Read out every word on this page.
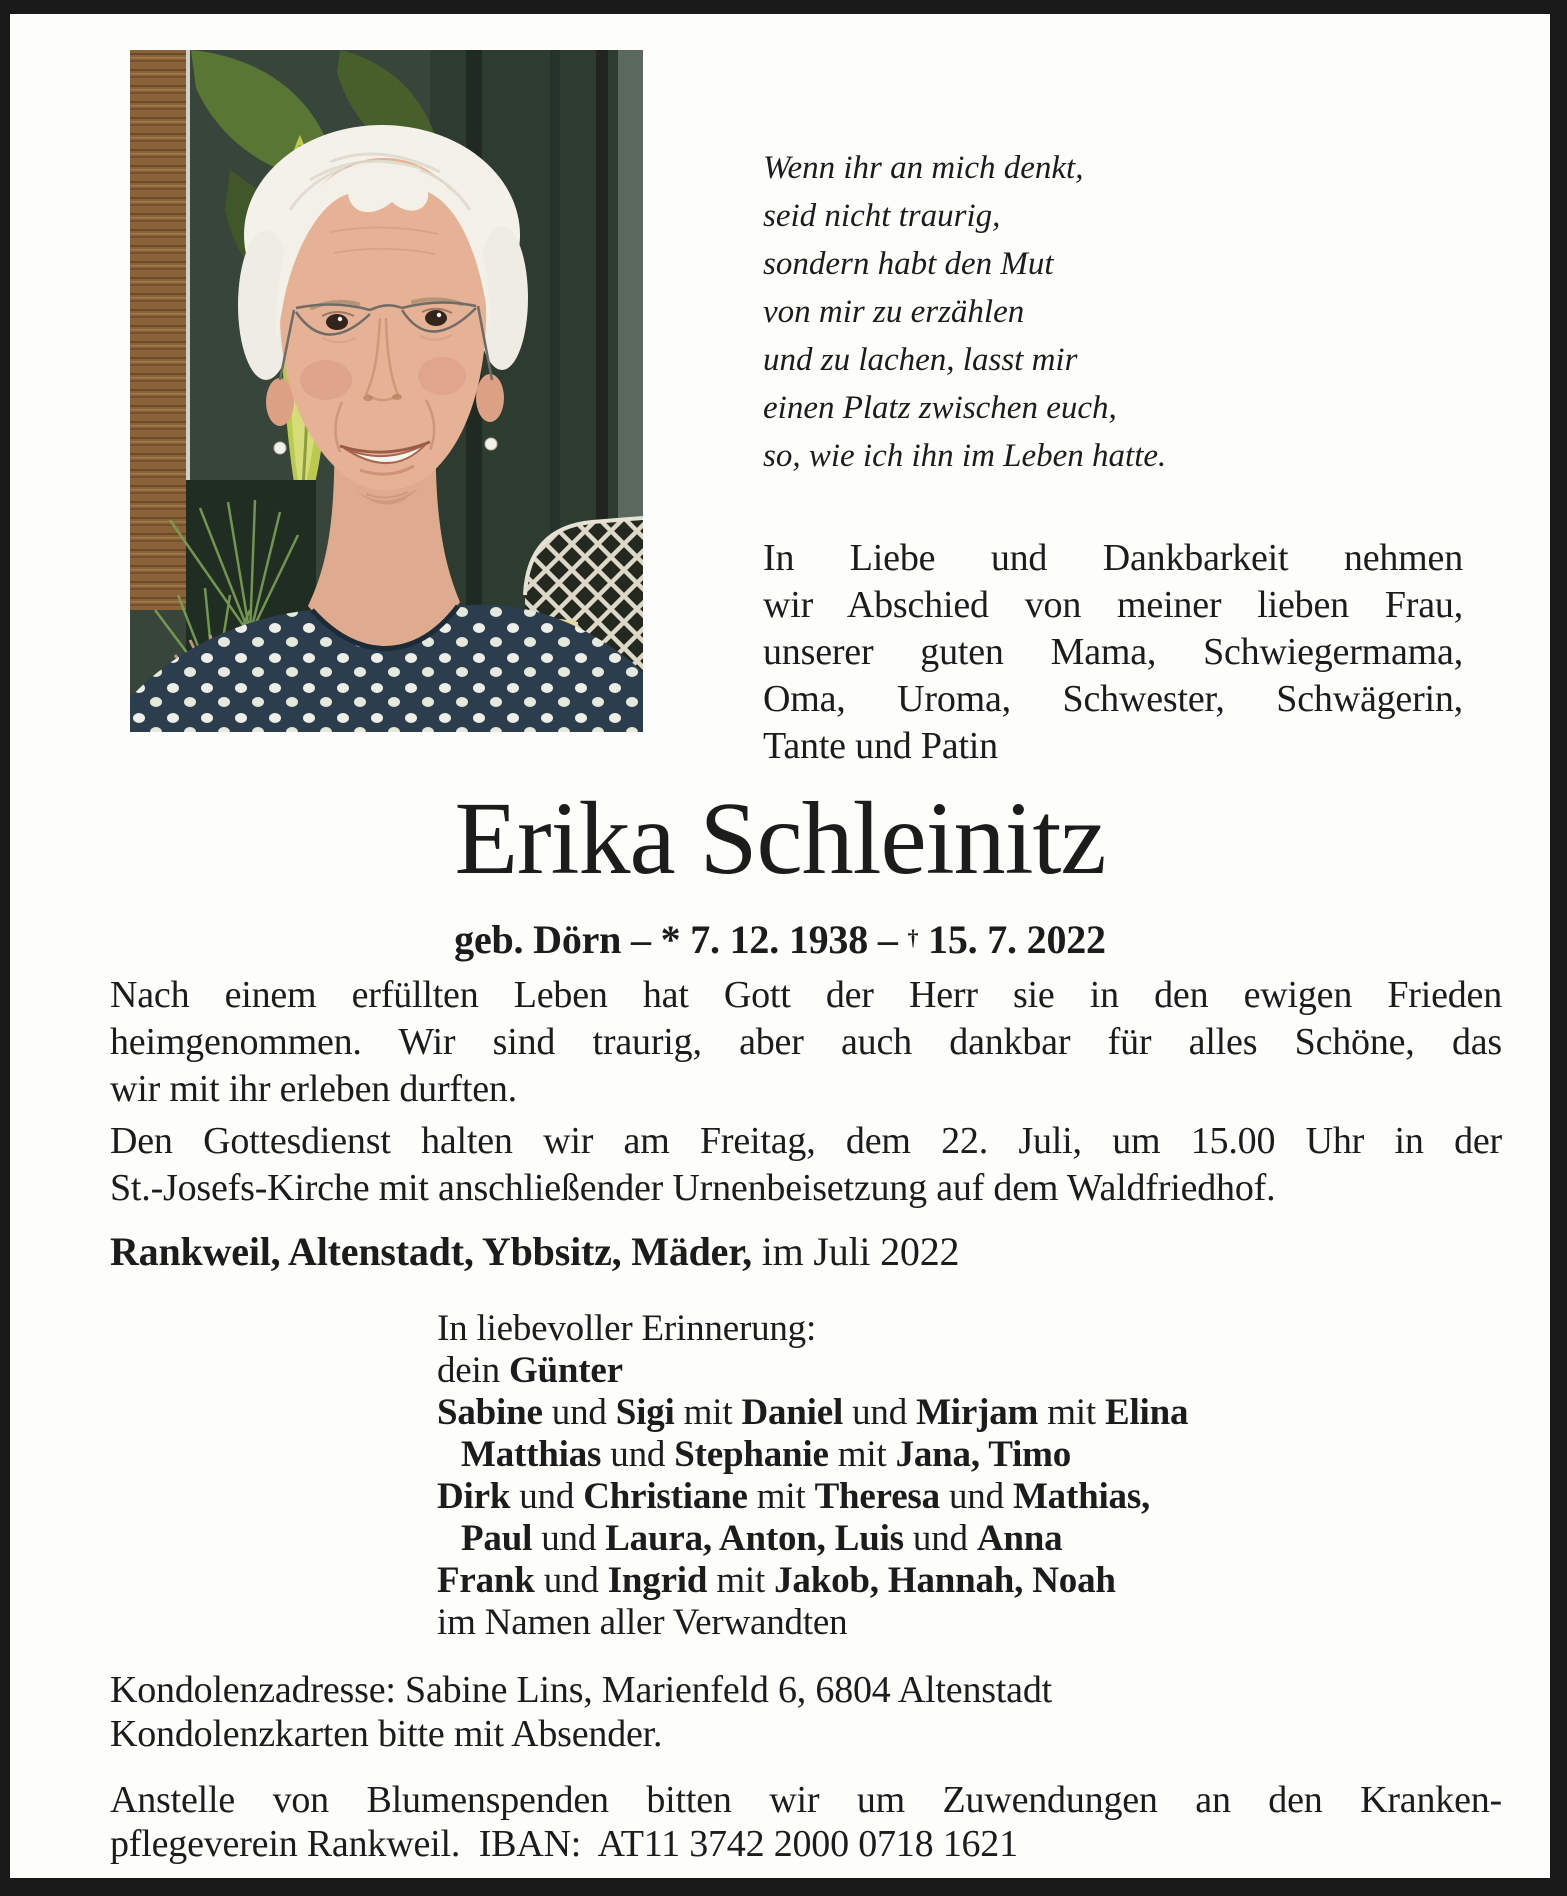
Wenn ihr an mich denkt,
seid nicht traurig,
sondern habt den Mut
von mir zu erzählen
und zu lachen, lasst mir
einen Platz zwischen euch,
so, wie ich ihn im Leben hatte.
In Liebe und Dankbarkeit nehmen
wir Abschied von meiner lieben Frau,
unserer guten Mama, Schwiegermama,
Oma, Uroma, Schwester, Schwägerin,
Tante und Patin
Erika Schleinitz
geb. Dörn – * 7. 12. 1938 – † 15. 7. 2022
Nach einem erfüllten Leben hat Gott der Herr sie in den ewigen Frieden
heimgenommen. Wir sind traurig, aber auch dankbar für alles Schöne, das
wir mit ihr erleben durften.
Den Gottesdienst halten wir am Freitag, dem 22. Juli, um 15.00 Uhr in der
St.-Josefs-Kirche mit anschließender Urnenbeisetzung auf dem Waldfriedhof.
Rankweil, Altenstadt, Ybbsitz, Mäder, im Juli 2022
In liebevoller Erinnerung:
dein Günter
Sabine und Sigi mit Daniel und Mirjam mit Elina
Matthias und Stephanie mit Jana, Timo
Dirk und Christiane mit Theresa und Mathias,
Paul und Laura, Anton, Luis und Anna
Frank und Ingrid mit Jakob, Hannah, Noah
im Namen aller Verwandten
Kondolenzadresse: Sabine Lins, Marienfeld 6, 6804 Altenstadt
Kondolenzkarten bitte mit Absender.
Anstelle von Blumenspenden bitten wir um Zuwendungen an den Kranken-
pflegeverein Rankweil.  IBAN:  AT11 3742 2000 0718 1621
